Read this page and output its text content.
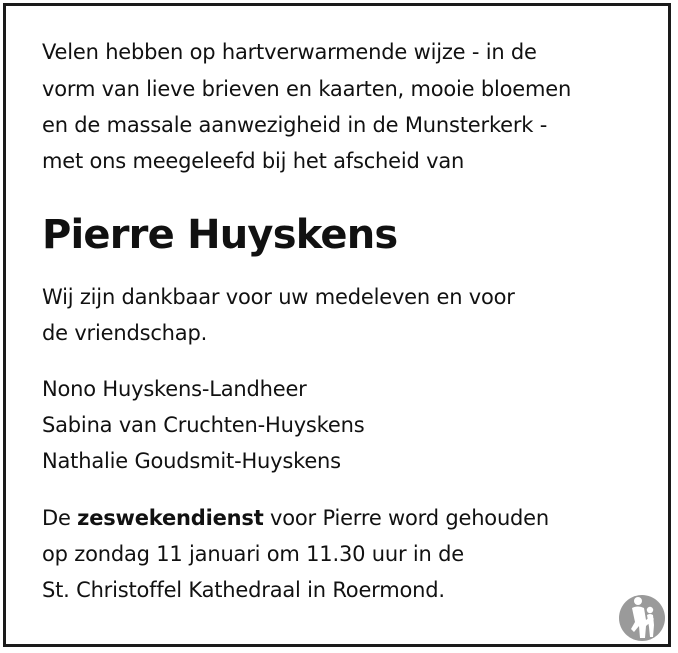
Velen hebben op hartverwarmende wijze - in de
vorm van lieve brieven en kaarten, mooie bloemen
en de massale aanwezigheid in de Munsterkerk -
met ons meegeleefd bij het afscheid van
Pierre Huyskens
Wij zijn dankbaar voor uw medeleven en voor
de vriendschap.
Nono Huyskens-Landheer
Sabina van Cruchten-Huyskens
Nathalie Goudsmit-Huyskens
De zeswekendienst voor Pierre word gehouden
op zondag 11 januari om 11.30 uur in de
St. Christoffel Kathedraal in Roermond.
